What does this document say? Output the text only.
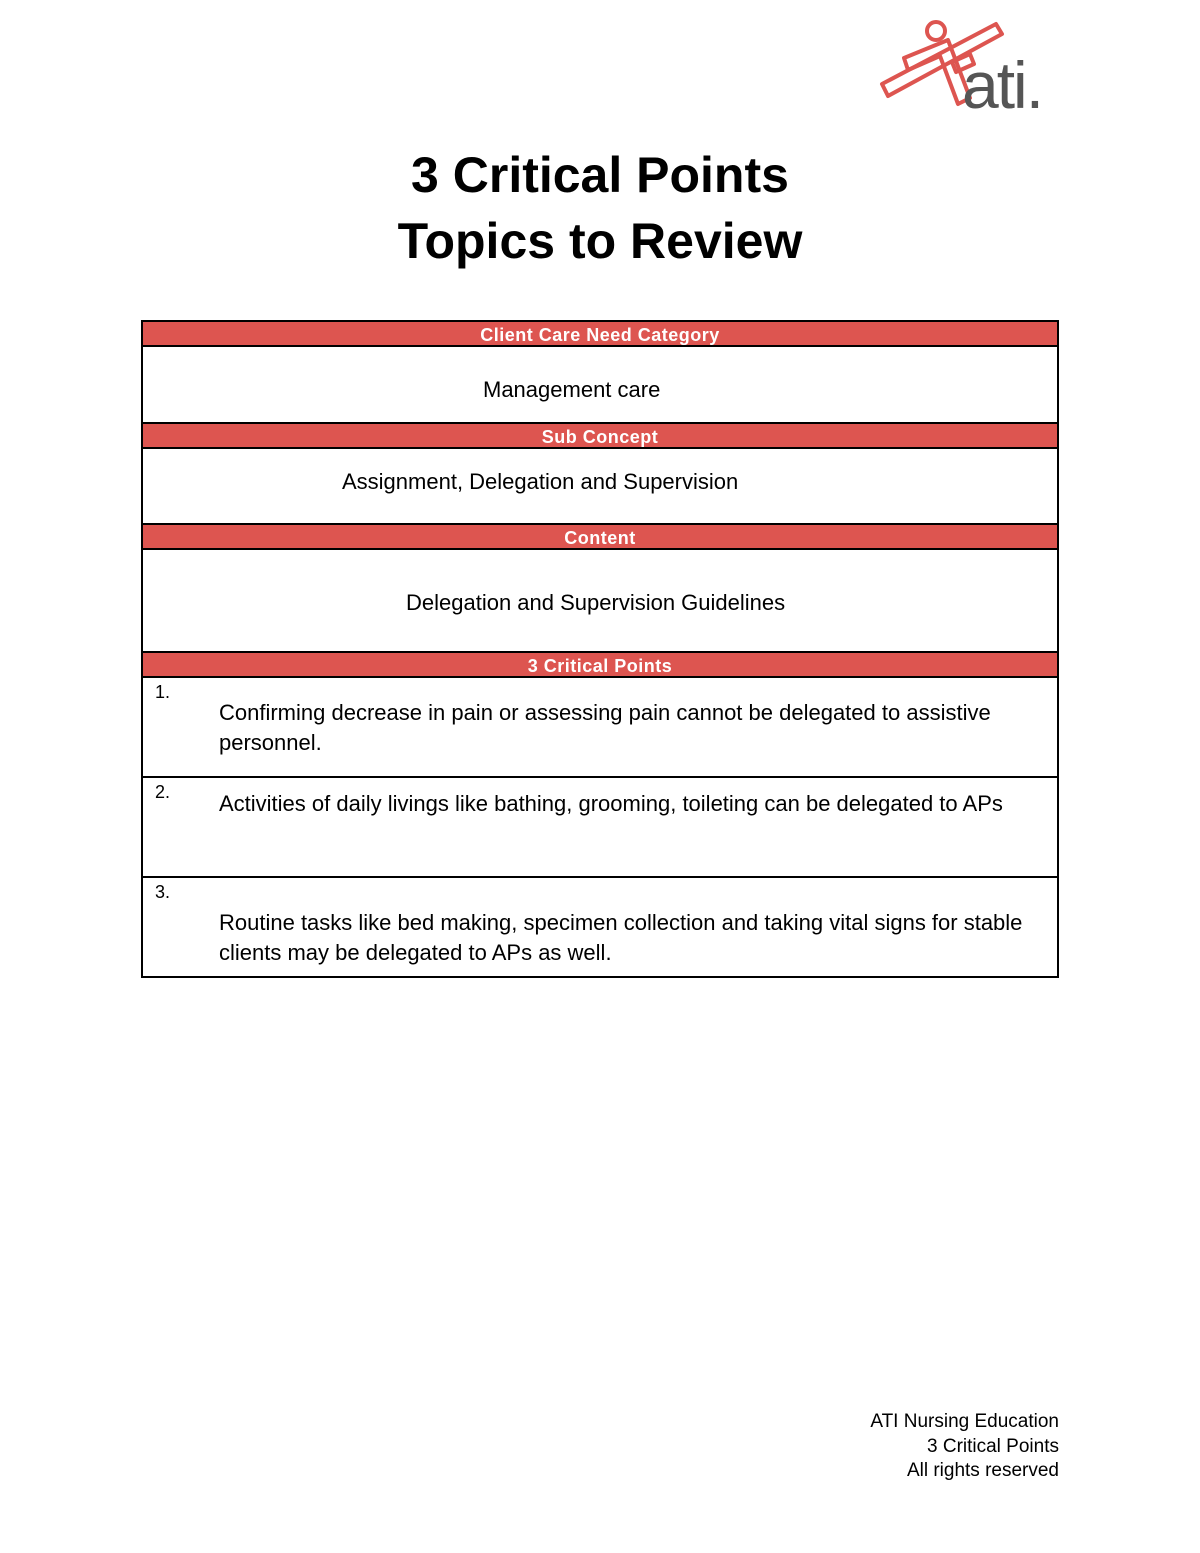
ati.
3 Critical Points
Topics to Review
Client Care Need Category
Management care
Sub Concept
Assignment, Delegation and Supervision
Content
Delegation and Supervision Guidelines
3 Critical Points
1.
Confirming decrease in pain or assessing pain cannot be delegated to assistive personnel.
2. Activities of daily livings like bathing, grooming, toileting can be delegated to APs
3.
Routine tasks like bed making, specimen collection and taking vital signs for stable clients may be delegated to APs as well.
ATI Nursing Education
3 Critical Points
All rights reserved
